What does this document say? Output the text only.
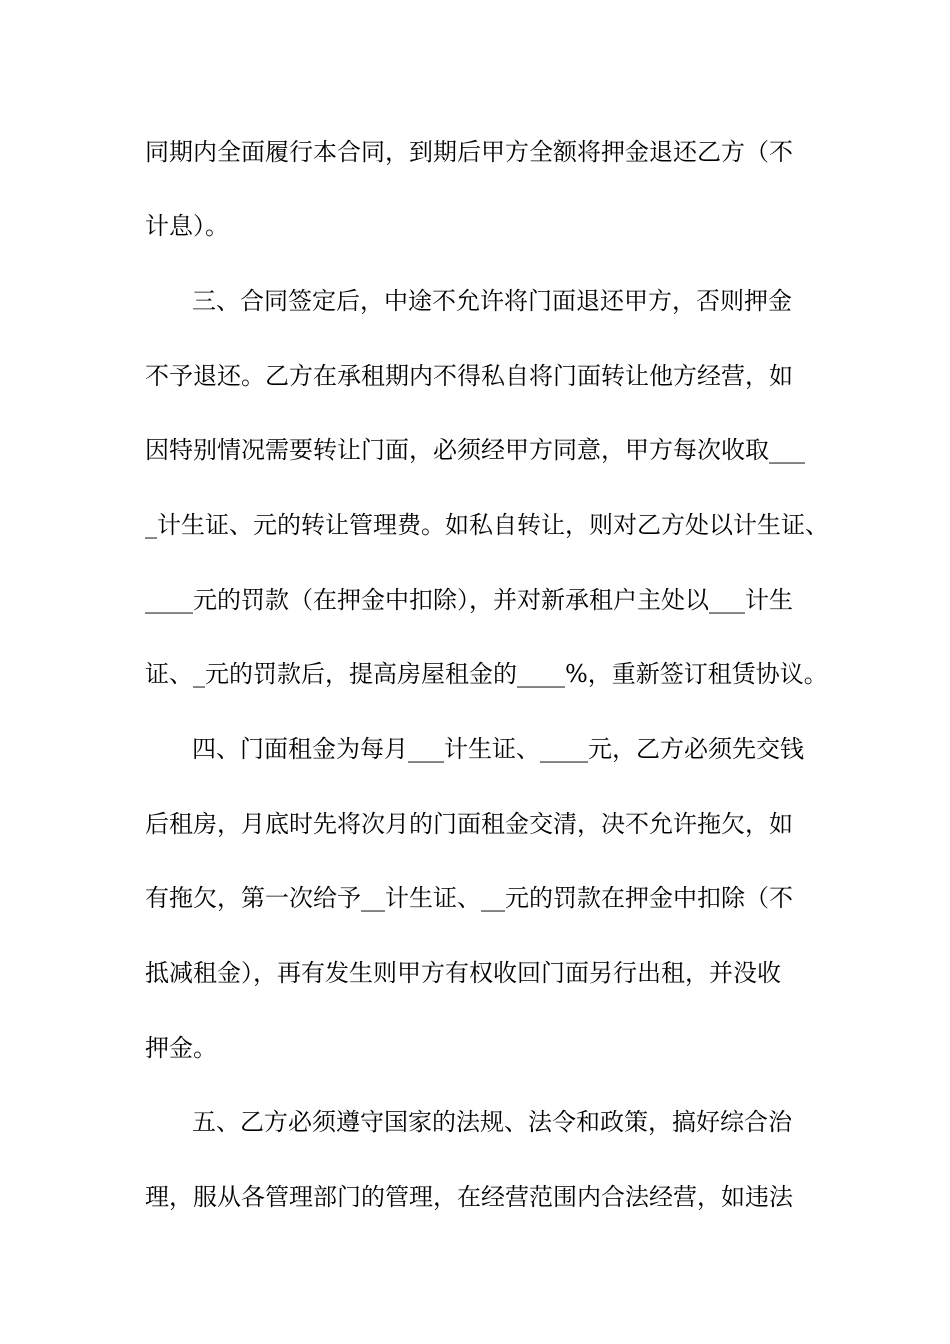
同期内全面履行本合同，到期后甲方全额将押金退还乙方（不
计息）。
三、合同签定后，中途不允许将门面退还甲方，否则押金
不予退还。乙方在承租期内不得私自将门面转让他方经营，如
因特别情况需要转让门面，必须经甲方同意，甲方每次收取___
_计生证、元的转让管理费。如私自转让，则对乙方处以计生证、
____元的罚款（在押金中扣除），并对新承租户主处以___计生
证、_元的罚款后，提高房屋租金的____%，重新签订租赁协议。
四、门面租金为每月___计生证、____元，乙方必须先交钱
后租房，月底时先将次月的门面租金交清，决不允许拖欠，如
有拖欠，第一次给予__计生证、__元的罚款在押金中扣除（不
抵减租金），再有发生则甲方有权收回门面另行出租，并没收
押金。
五、乙方必须遵守国家的法规、法令和政策，搞好综合治
理，服从各管理部门的管理，在经营范围内合法经营，如违法
